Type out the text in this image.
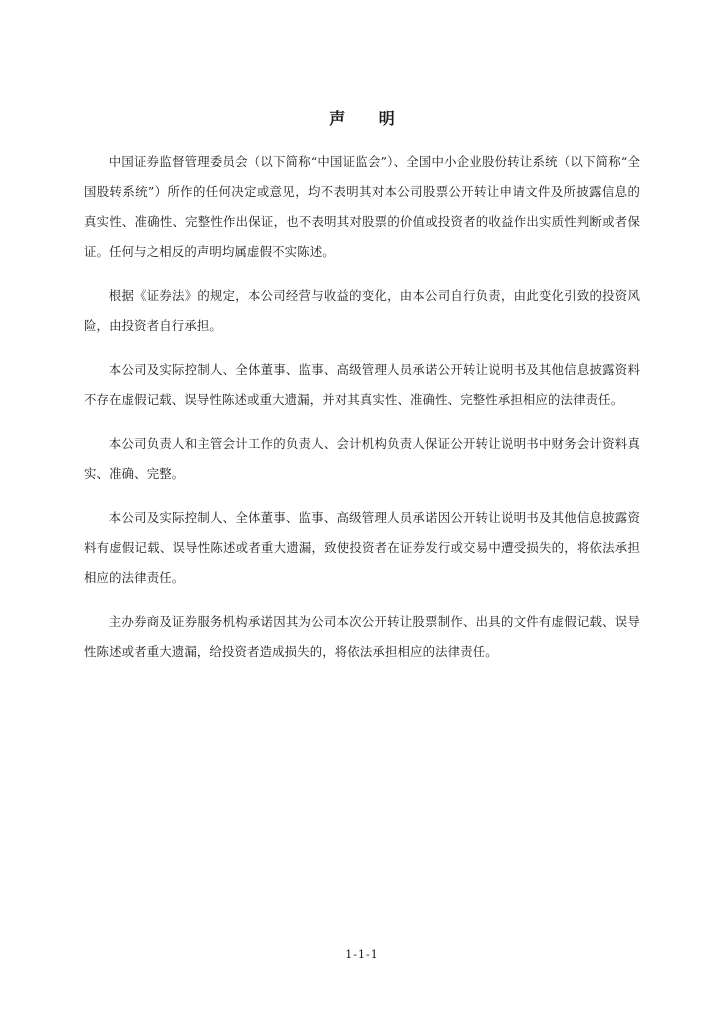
声 明

中国证券监督管理委员会（以下简称“中国证监会”）、全国中小企业股份转让系统（以下简称“全国股转系统”）所作的任何决定或意见，均不表明其对本公司股票公开转让申请文件及所披露信息的真实性、准确性、完整性作出保证，也不表明其对股票的价值或投资者的收益作出实质性判断或者保证。任何与之相反的声明均属虚假不实陈述。

根据《证券法》的规定，本公司经营与收益的变化，由本公司自行负责，由此变化引致的投资风险，由投资者自行承担。

本公司及实际控制人、全体董事、监事、高级管理人员承诺公开转让说明书及其他信息披露资料不存在虚假记载、误导性陈述或重大遗漏，并对其真实性、准确性、完整性承担相应的法律责任。

本公司负责人和主管会计工作的负责人、会计机构负责人保证公开转让说明书中财务会计资料真实、准确、完整。

本公司及实际控制人、全体董事、监事、高级管理人员承诺因公开转让说明书及其他信息披露资料有虚假记载、误导性陈述或者重大遗漏，致使投资者在证券发行或交易中遭受损失的，将依法承担相应的法律责任。

主办券商及证券服务机构承诺因其为公司本次公开转让股票制作、出具的文件有虚假记载、误导性陈述或者重大遗漏，给投资者造成损失的，将依法承担相应的法律责任。

1-1-1
